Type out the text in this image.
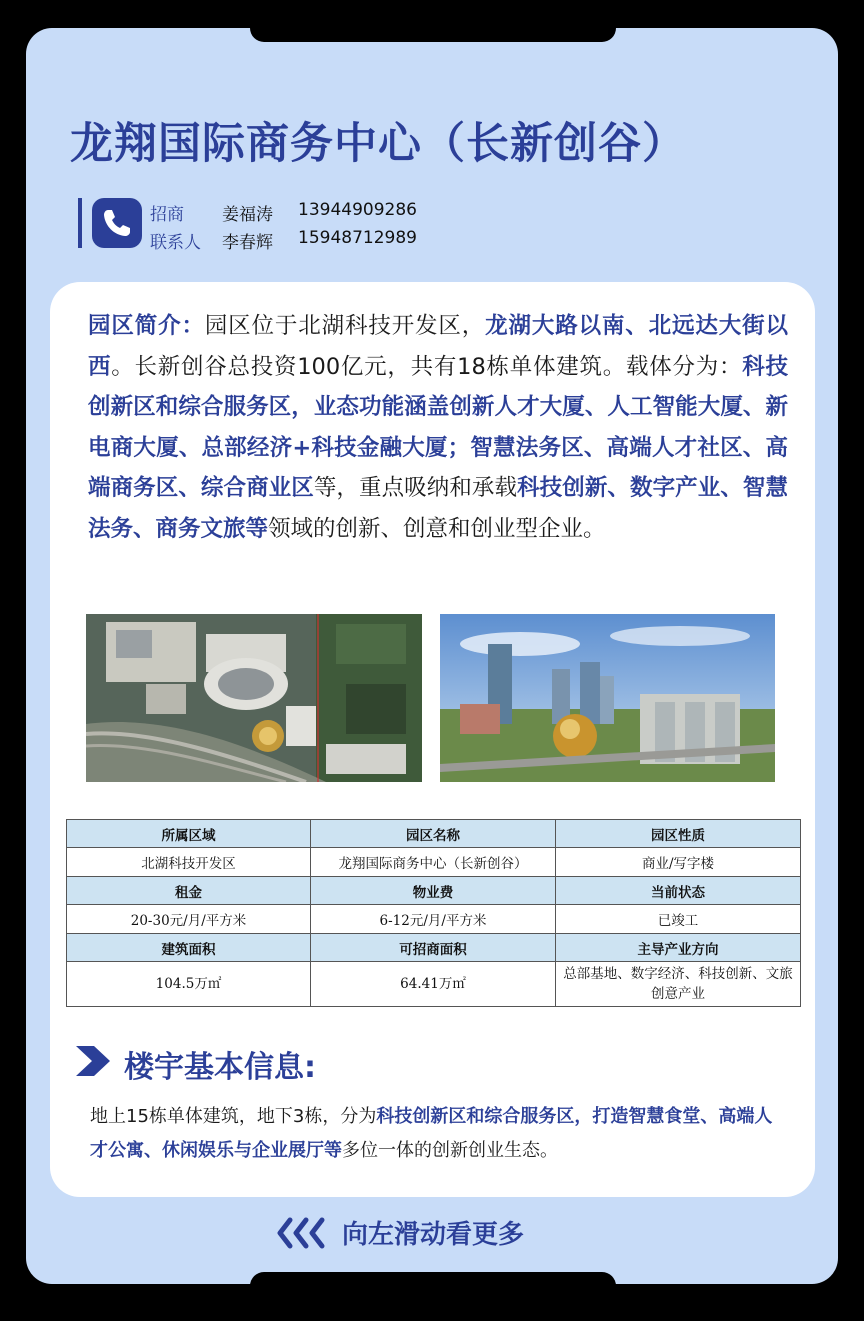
龙翔国际商务中心（长新创谷）
招商
联系人
姜福涛 13944909286
李春辉 15948712989
园区简介：园区位于北湖科技开发区，龙湖大路以南、北远达大街以西。长新创谷总投资100亿元，共有18栋单体建筑。载体分为：科技创新区和综合服务区，业态功能涵盖创新人才大厦、人工智能大厦、新电商大厦、总部经济+科技金融大厦；智慧法务区、高端人才社区、高端商务区、综合商业区等，重点吸纳和承载科技创新、数字产业、智慧法务、商务文旅等领域的创新、创意和创业型企业。
所属区域	园区名称	园区性质
北湖科技开发区	龙翔国际商务中心（长新创谷）	商业/写字楼
租金	物业费	当前状态
20-30元/月/平方米	6-12元/月/平方米	已竣工
建筑面积	可招商面积	主导产业方向
104.5万㎡	64.41万㎡	总部基地、数字经济、科技创新、文旅创意产业
楼宇基本信息:
地上15栋单体建筑，地下3栋，分为科技创新区和综合服务区，打造智慧食堂、高端人才公寓、休闲娱乐与企业展厅等多位一体的创新创业生态。
向左滑动看更多
